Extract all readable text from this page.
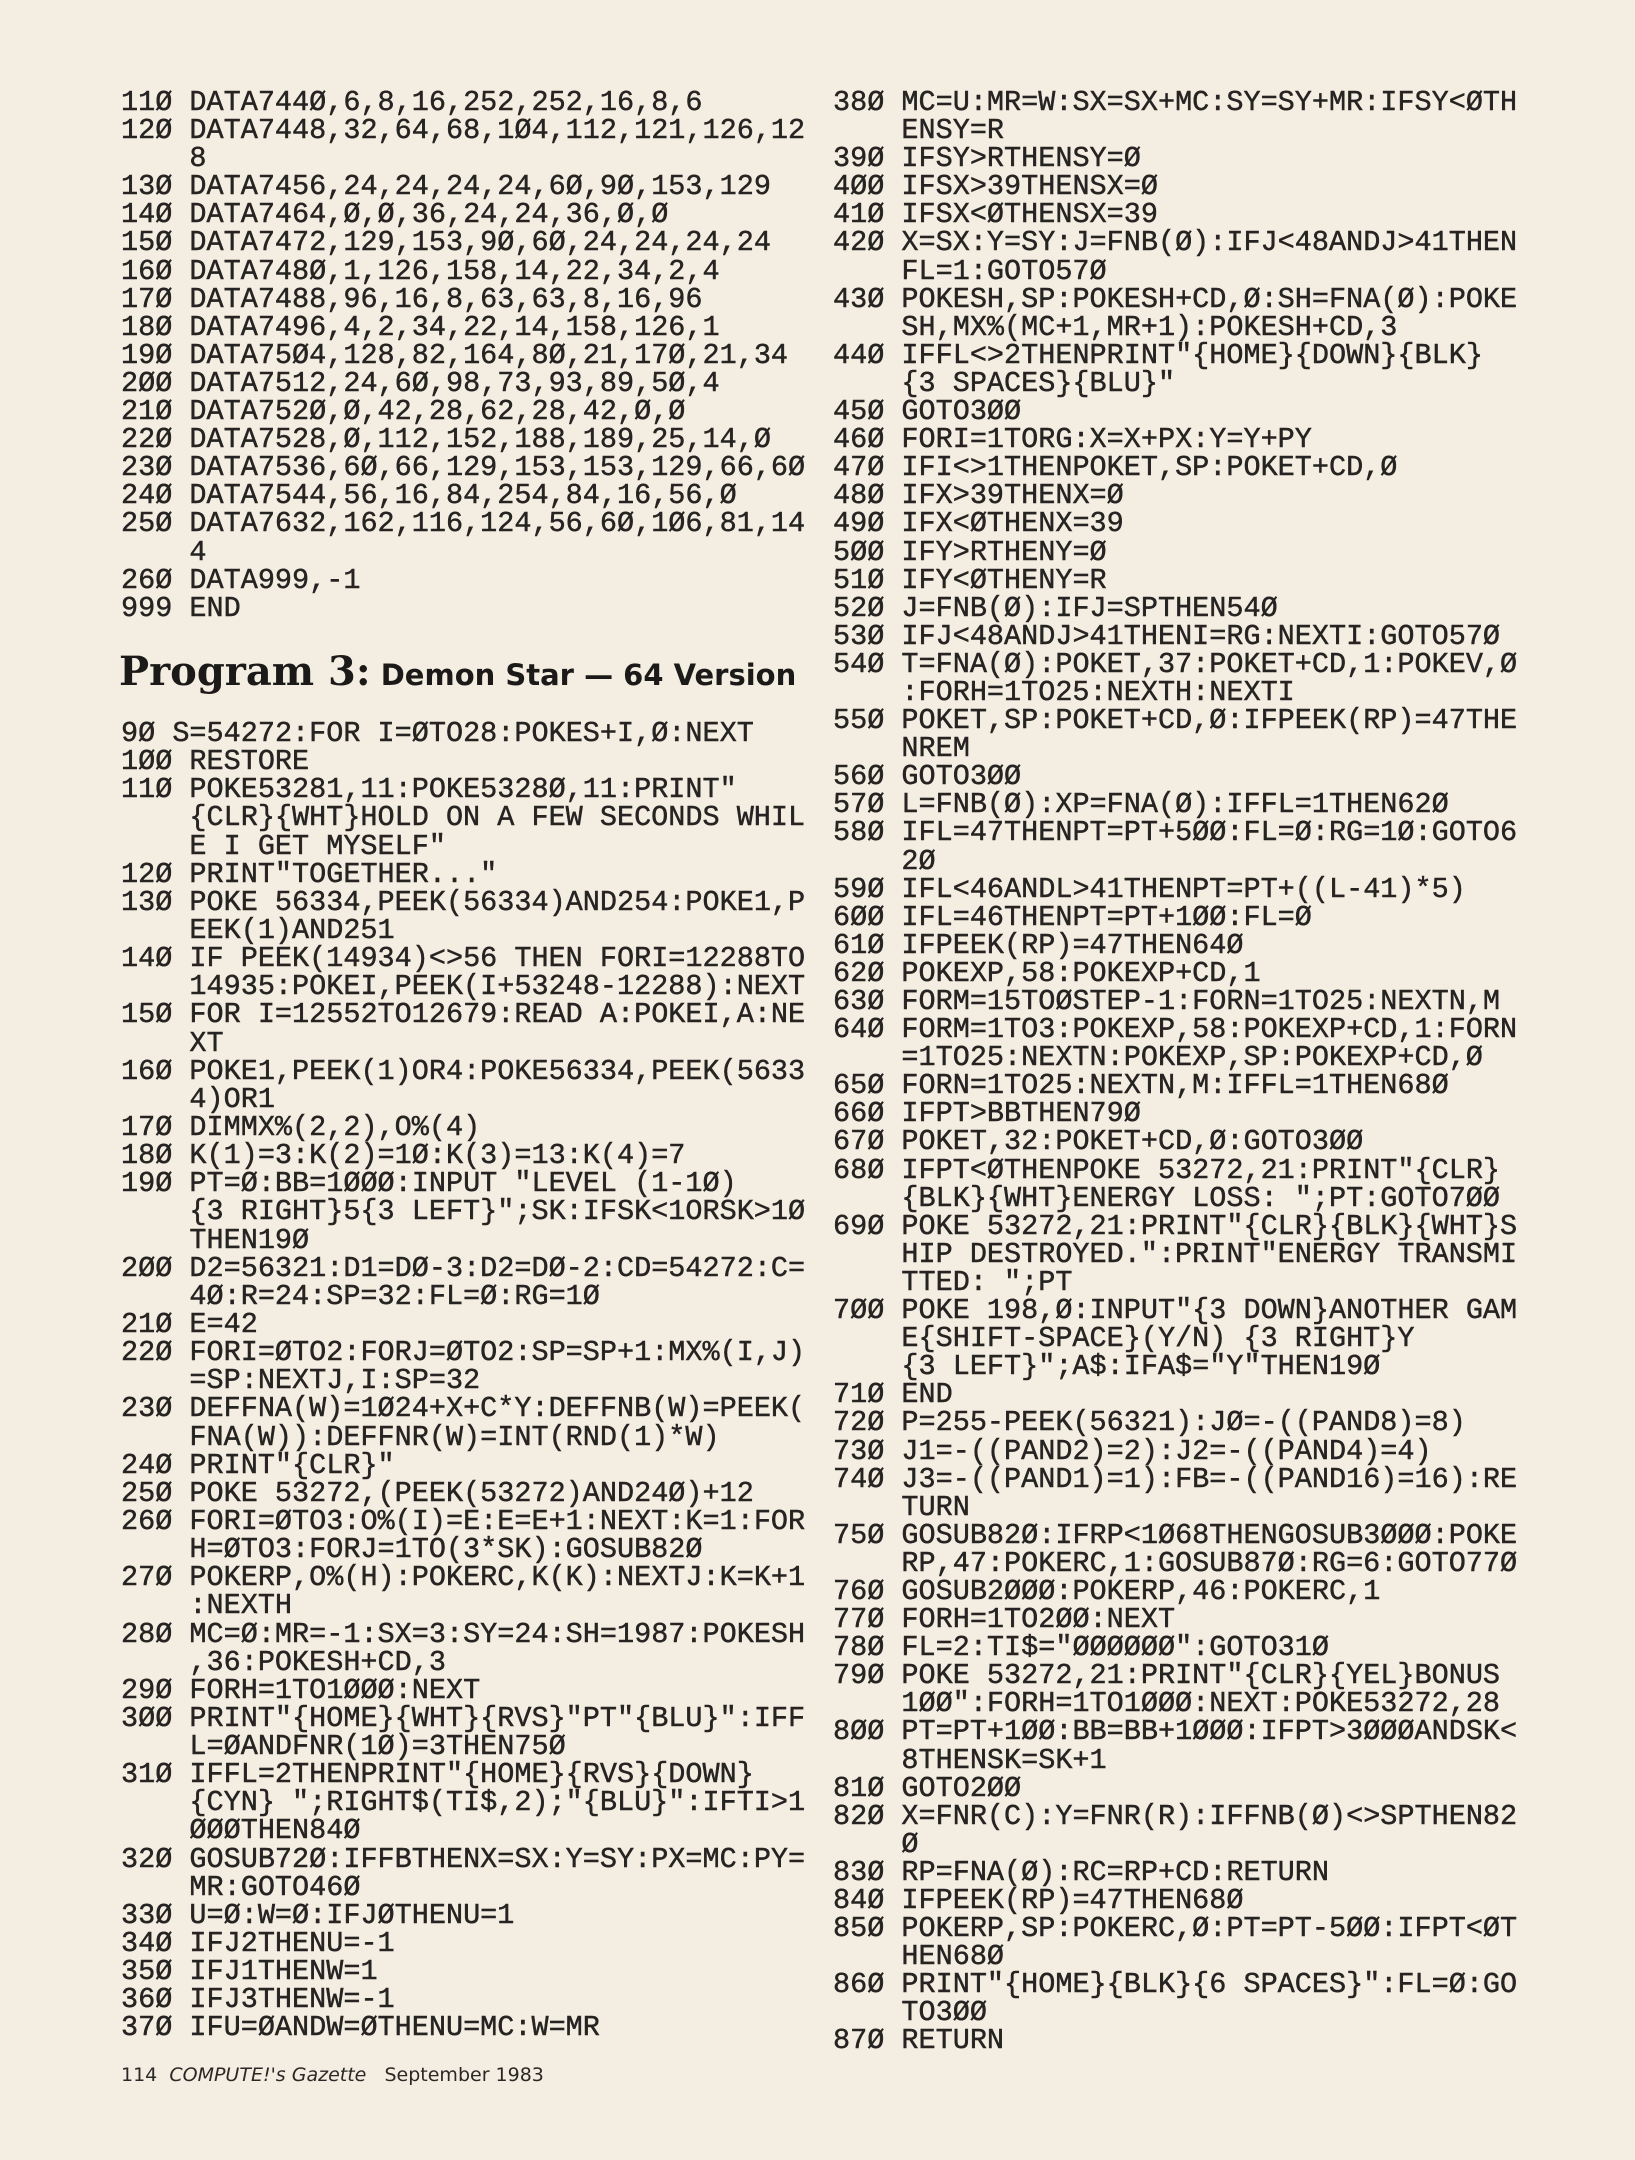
11Ø DATA744Ø,6,8,16,252,252,16,8,6
12Ø DATA7448,32,64,68,1Ø4,112,121,126,12
8
13Ø DATA7456,24,24,24,24,6Ø,9Ø,153,129
14Ø DATA7464,Ø,Ø,36,24,24,36,Ø,Ø
15Ø DATA7472,129,153,9Ø,6Ø,24,24,24,24
16Ø DATA748Ø,1,126,158,14,22,34,2,4
17Ø DATA7488,96,16,8,63,63,8,16,96
18Ø DATA7496,4,2,34,22,14,158,126,1
19Ø DATA75Ø4,128,82,164,8Ø,21,17Ø,21,34
2ØØ DATA7512,24,6Ø,98,73,93,89,5Ø,4
21Ø DATA752Ø,Ø,42,28,62,28,42,Ø,Ø
22Ø DATA7528,Ø,112,152,188,189,25,14,Ø
23Ø DATA7536,6Ø,66,129,153,153,129,66,6Ø
24Ø DATA7544,56,16,84,254,84,16,56,Ø
25Ø DATA7632,162,116,124,56,6Ø,1Ø6,81,14
4
26Ø DATA999,-1
999 END
Program 3: Demon Star — 64 Version
9Ø S=54272:FOR I=ØTO28:POKES+I,Ø:NEXT
1ØØ RESTORE
11Ø POKE53281,11:POKE5328Ø,11:PRINT"
{CLR}{WHT}HOLD ON A FEW SECONDS WHIL
E I GET MYSELF"
12Ø PRINT"TOGETHER..."
13Ø POKE 56334,PEEK(56334)AND254:POKE1,P
EEK(1)AND251
14Ø IF PEEK(14934)<>56 THEN FORI=12288TO
14935:POKEI,PEEK(I+53248-12288):NEXT
15Ø FOR I=12552TO12679:READ A:POKEI,A:NE
XT
16Ø POKE1,PEEK(1)OR4:POKE56334,PEEK(5633
4)OR1
17Ø DIMMX%(2,2),O%(4)
18Ø K(1)=3:K(2)=1Ø:K(3)=13:K(4)=7
19Ø PT=Ø:BB=1ØØØ:INPUT "LEVEL (1-1Ø)
{3 RIGHT}5{3 LEFT}";SK:IFSK<1ORSK>1Ø
THEN19Ø
2ØØ D2=56321:D1=DØ-3:D2=DØ-2:CD=54272:C=
4Ø:R=24:SP=32:FL=Ø:RG=1Ø
21Ø E=42
22Ø FORI=ØTO2:FORJ=ØTO2:SP=SP+1:MX%(I,J)
=SP:NEXTJ,I:SP=32
23Ø DEFFNA(W)=1Ø24+X+C*Y:DEFFNB(W)=PEEK(
FNA(W)):DEFFNR(W)=INT(RND(1)*W)
24Ø PRINT"{CLR}"
25Ø POKE 53272,(PEEK(53272)AND24Ø)+12
26Ø FORI=ØTO3:O%(I)=E:E=E+1:NEXT:K=1:FOR
H=ØTO3:FORJ=1TO(3*SK):GOSUB82Ø
27Ø POKERP,O%(H):POKERC,K(K):NEXTJ:K=K+1
:NEXTH
28Ø MC=Ø:MR=-1:SX=3:SY=24:SH=1987:POKESH
,36:POKESH+CD,3
29Ø FORH=1TO1ØØØ:NEXT
3ØØ PRINT"{HOME}{WHT}{RVS}"PT"{BLU}":IFF
L=ØANDFNR(1Ø)=3THEN75Ø
31Ø IFFL=2THENPRINT"{HOME}{RVS}{DOWN}
{CYN} ";RIGHT$(TI$,2);"{BLU}":IFTI>1
ØØØTHEN84Ø
32Ø GOSUB72Ø:IFFBTHENX=SX:Y=SY:PX=MC:PY=
MR:GOTO46Ø
33Ø U=Ø:W=Ø:IFJØTHENU=1
34Ø IFJ2THENU=-1
35Ø IFJ1THENW=1
36Ø IFJ3THENW=-1
37Ø IFU=ØANDW=ØTHENU=MC:W=MR
38Ø MC=U:MR=W:SX=SX+MC:SY=SY+MR:IFSY<ØTH
ENSY=R
39Ø IFSY>RTHENSY=Ø
4ØØ IFSX>39THENSX=Ø
41Ø IFSX<ØTHENSX=39
42Ø X=SX:Y=SY:J=FNB(Ø):IFJ<48ANDJ>41THEN
FL=1:GOTO57Ø
43Ø POKESH,SP:POKESH+CD,Ø:SH=FNA(Ø):POKE
SH,MX%(MC+1,MR+1):POKESH+CD,3
44Ø IFFL<>2THENPRINT"{HOME}{DOWN}{BLK}
{3 SPACES}{BLU}"
45Ø GOTO3ØØ
46Ø FORI=1TORG:X=X+PX:Y=Y+PY
47Ø IFI<>1THENPOKET,SP:POKET+CD,Ø
48Ø IFX>39THENX=Ø
49Ø IFX<ØTHENX=39
5ØØ IFY>RTHENY=Ø
51Ø IFY<ØTHENY=R
52Ø J=FNB(Ø):IFJ=SPTHEN54Ø
53Ø IFJ<48ANDJ>41THENI=RG:NEXTI:GOTO57Ø
54Ø T=FNA(Ø):POKET,37:POKET+CD,1:POKEV,Ø
:FORH=1TO25:NEXTH:NEXTI
55Ø POKET,SP:POKET+CD,Ø:IFPEEK(RP)=47THE
NREM
56Ø GOTO3ØØ
57Ø L=FNB(Ø):XP=FNA(Ø):IFFL=1THEN62Ø
58Ø IFL=47THENPT=PT+5ØØ:FL=Ø:RG=1Ø:GOTO6
2Ø
59Ø IFL<46ANDL>41THENPT=PT+((L-41)*5)
6ØØ IFL=46THENPT=PT+1ØØ:FL=Ø
61Ø IFPEEK(RP)=47THEN64Ø
62Ø POKEXP,58:POKEXP+CD,1
63Ø FORM=15TOØSTEP-1:FORN=1TO25:NEXTN,M
64Ø FORM=1TO3:POKEXP,58:POKEXP+CD,1:FORN
=1TO25:NEXTN:POKEXP,SP:POKEXP+CD,Ø
65Ø FORN=1TO25:NEXTN,M:IFFL=1THEN68Ø
66Ø IFPT>BBTHEN79Ø
67Ø POKET,32:POKET+CD,Ø:GOTO3ØØ
68Ø IFPT<ØTHENPOKE 53272,21:PRINT"{CLR}
{BLK}{WHT}ENERGY LOSS: ";PT:GOTO7ØØ
69Ø POKE 53272,21:PRINT"{CLR}{BLK}{WHT}S
HIP DESTROYED.":PRINT"ENERGY TRANSMI
TTED: ";PT
7ØØ POKE 198,Ø:INPUT"{3 DOWN}ANOTHER GAM
E{SHIFT-SPACE}(Y/N) {3 RIGHT}Y
{3 LEFT}";A$:IFA$="Y"THEN19Ø
71Ø END
72Ø P=255-PEEK(56321):JØ=-((PAND8)=8)
73Ø J1=-((PAND2)=2):J2=-((PAND4)=4)
74Ø J3=-((PAND1)=1):FB=-((PAND16)=16):RE
TURN
75Ø GOSUB82Ø:IFRP<1Ø68THENGOSUB3ØØØ:POKE
RP,47:POKERC,1:GOSUB87Ø:RG=6:GOTO77Ø
76Ø GOSUB2ØØØ:POKERP,46:POKERC,1
77Ø FORH=1TO2ØØ:NEXT
78Ø FL=2:TI$="ØØØØØØ":GOTO31Ø
79Ø POKE 53272,21:PRINT"{CLR}{YEL}BONUS
1ØØ":FORH=1TO1ØØØ:NEXT:POKE53272,28
8ØØ PT=PT+1ØØ:BB=BB+1ØØØ:IFPT>3ØØØANDSK<
8THENSK=SK+1
81Ø GOTO2ØØ
82Ø X=FNR(C):Y=FNR(R):IFFNB(Ø)<>SPTHEN82
Ø
83Ø RP=FNA(Ø):RC=RP+CD:RETURN
84Ø IFPEEK(RP)=47THEN68Ø
85Ø POKERP,SP:POKERC,Ø:PT=PT-5ØØ:IFPT<ØT
HEN68Ø
86Ø PRINT"{HOME}{BLK}{6 SPACES}":FL=Ø:GO
TO3ØØ
87Ø RETURN
114 COMPUTE!'s Gazette September 1983
